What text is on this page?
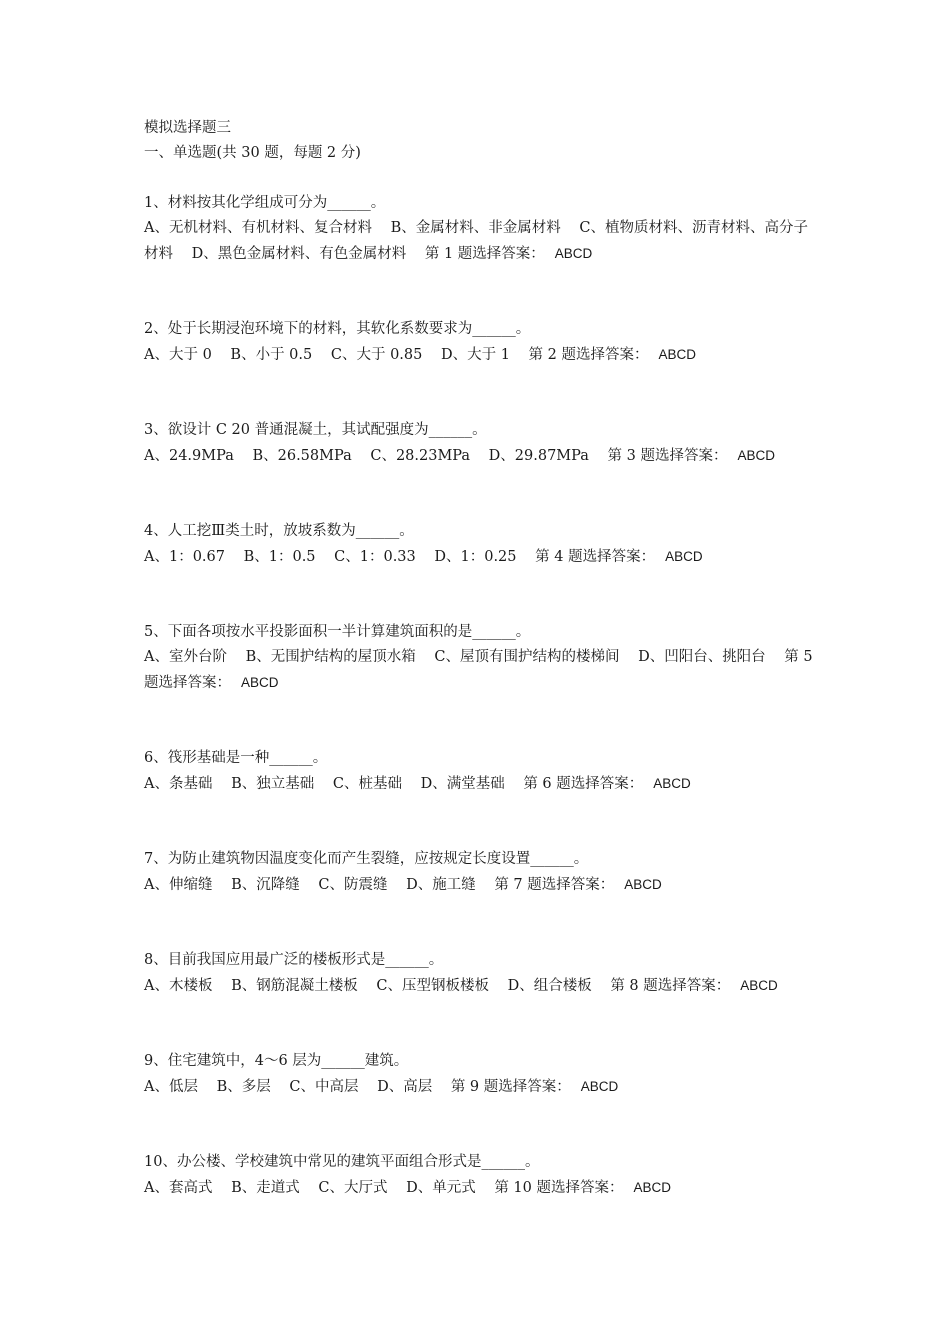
模拟选择题三

一、单选题(共 30 题，每题 2 分)

1、材料按其化学组成可分为______。

A、无机材料、有机材料、复合材料 B、金属材料、非金属材料 C、植物质材料、沥青材料、高分子材料 D、黑色金属材料、有色金属材料 第 1 题选择答案： ABCD

2、处于长期浸泡环境下的材料，其软化系数要求为______。

A、大于 0 B、小于 0.5 C、大于 0.85 D、大于 1 第 2 题选择答案： ABCD

3、欲设计 C 20 普通混凝土，其试配强度为______。

A、24.9MPa B、26.58MPa C、28.23MPa D、29.87MPa 第 3 题选择答案： ABCD

4、人工挖Ⅲ类土时，放坡系数为______。

A、1：0.67 B、1：0.5 C、1：0.33 D、1：0.25 第 4 题选择答案： ABCD

5、下面各项按水平投影面积一半计算建筑面积的是______。

A、室外台阶 B、无围护结构的屋顶水箱 C、屋顶有围护结构的楼梯间 D、凹阳台、挑阳台 第 5 题选择答案： ABCD

6、筏形基础是一种______。

A、条基础 B、独立基础 C、桩基础 D、满堂基础 第 6 题选择答案： ABCD

7、为防止建筑物因温度变化而产生裂缝，应按规定长度设置______。

A、伸缩缝 B、沉降缝 C、防震缝 D、施工缝 第 7 题选择答案： ABCD

8、目前我国应用最广泛的楼板形式是______。

A、木楼板 B、钢筋混凝土楼板 C、压型钢板楼板 D、组合楼板 第 8 题选择答案： ABCD

9、住宅建筑中，4～6 层为______建筑。

A、低层 B、多层 C、中高层 D、高层 第 9 题选择答案： ABCD

10、办公楼、学校建筑中常见的建筑平面组合形式是______。

A、套高式 B、走道式 C、大厅式 D、单元式 第 10 题选择答案： ABCD
